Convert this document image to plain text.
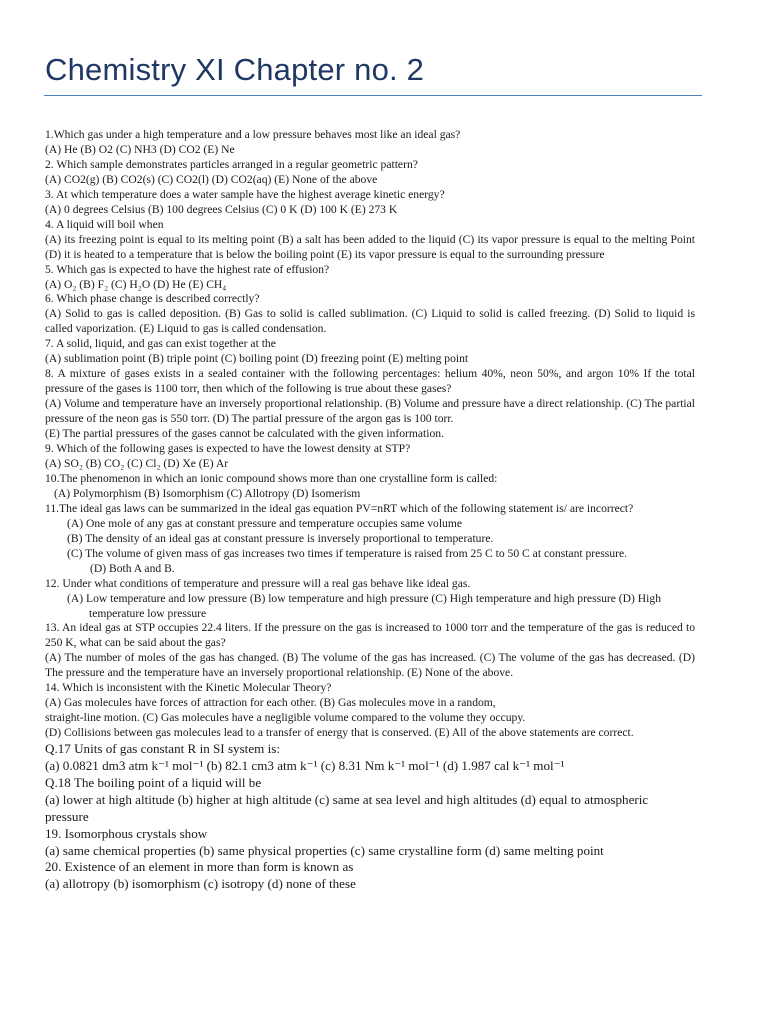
Chemistry XI Chapter no. 2
1.Which gas under a high temperature and a low pressure behaves most like an ideal gas?
(A) He (B) O2 (C) NH3 (D) CO2 (E) Ne
2. Which sample demonstrates particles arranged in a regular geometric pattern?
(A) CO2(g) (B) CO2(s) (C) CO2(l) (D) CO2(aq) (E) None of the above
3. At which temperature does a water sample have the highest average kinetic energy?
(A) 0 degrees Celsius (B) 100 degrees Celsius (C) 0 K (D) 100 K (E) 273 K
4. A liquid will boil when
(A) its freezing point is equal to its melting point (B) a salt has been added to the liquid (C) its vapor pressure is equal to the melting Point (D) it is heated to a temperature that is below the boiling point (E) its vapor pressure is equal to the surrounding pressure
5. Which gas is expected to have the highest rate of effusion?
(A) O₂ (B) F₂ (C) H₂O (D) He (E) CH₄
6. Which phase change is described correctly?
(A) Solid to gas is called deposition. (B) Gas to solid is called sublimation. (C) Liquid to solid is called freezing. (D) Solid to liquid is called vaporization. (E) Liquid to gas is called condensation.
7. A solid, liquid, and gas can exist together at the
(A) sublimation point (B) triple point (C) boiling point (D) freezing point (E) melting point
8. A mixture of gases exists in a sealed container with the following percentages: helium 40%, neon 50%, and argon 10% If the total pressure of the gases is 1100 torr, then which of the following is true about these gases?
(A) Volume and temperature have an inversely proportional relationship. (B) Volume and pressure have a direct relationship. (C) The partial pressure of the neon gas is 550 torr. (D) The partial pressure of the argon gas is 100 torr.
(E) The partial pressures of the gases cannot be calculated with the given information.
9. Which of the following gases is expected to have the lowest density at STP?
(A) SO₂ (B) CO₂ (C) Cl₂ (D) Xe (E) Ar
10.The phenomenon in which an ionic compound shows more than one crystalline form is called:
(A) Polymorphism (B) Isomorphism (C) Allotropy (D) Isomerism
11.The ideal gas laws can be summarized in the ideal gas equation PV=nRT which of the following statement is/ are incorrect?
(A) One mole of any gas at constant pressure and temperature occupies same volume
(B) The density of an ideal gas at constant pressure is inversely proportional to temperature.
(C) The volume of given mass of gas increases two times if temperature is raised from 25 C to 50 C at constant pressure.
(D) Both A and B.
12. Under what conditions of temperature and pressure will a real gas behave like ideal gas.
(A) Low temperature and low pressure (B) low temperature and high pressure (C) High temperature and high pressure (D) High temperature low pressure
13. An ideal gas at STP occupies 22.4 liters. If the pressure on the gas is increased to 1000 torr and the temperature of the gas is reduced to 250 K, what can be said about the gas?
(A) The number of moles of the gas has changed. (B) The volume of the gas has increased. (C) The volume of the gas has decreased. (D) The pressure and the temperature have an inversely proportional relationship. (E) None of the above.
14. Which is inconsistent with the Kinetic Molecular Theory?
(A) Gas molecules have forces of attraction for each other. (B) Gas molecules move in a random,
straight-line motion. (C) Gas molecules have a negligible volume compared to the volume they occupy.
(D) Collisions between gas molecules lead to a transfer of energy that is conserved. (E) All of the above statements are correct.
Q.17 Units of gas constant R in SI system is:
(a) 0.0821 dm3 atm k⁻¹ mol⁻¹ (b) 82.1 cm3 atm k⁻¹ (c) 8.31 Nm k⁻¹ mol⁻¹ (d) 1.987 cal k⁻¹ mol⁻¹
Q.18 The boiling point of a liquid will be
(a) lower at high altitude (b) higher at high altitude (c) same at sea level and high altitudes (d) equal to atmospheric pressure
19. Isomorphous crystals show
(a) same chemical properties (b) same physical properties (c) same crystalline form (d) same melting point
20. Existence of an element in more than form is known as
(a) allotropy (b) isomorphism (c) isotropy (d) none of these
